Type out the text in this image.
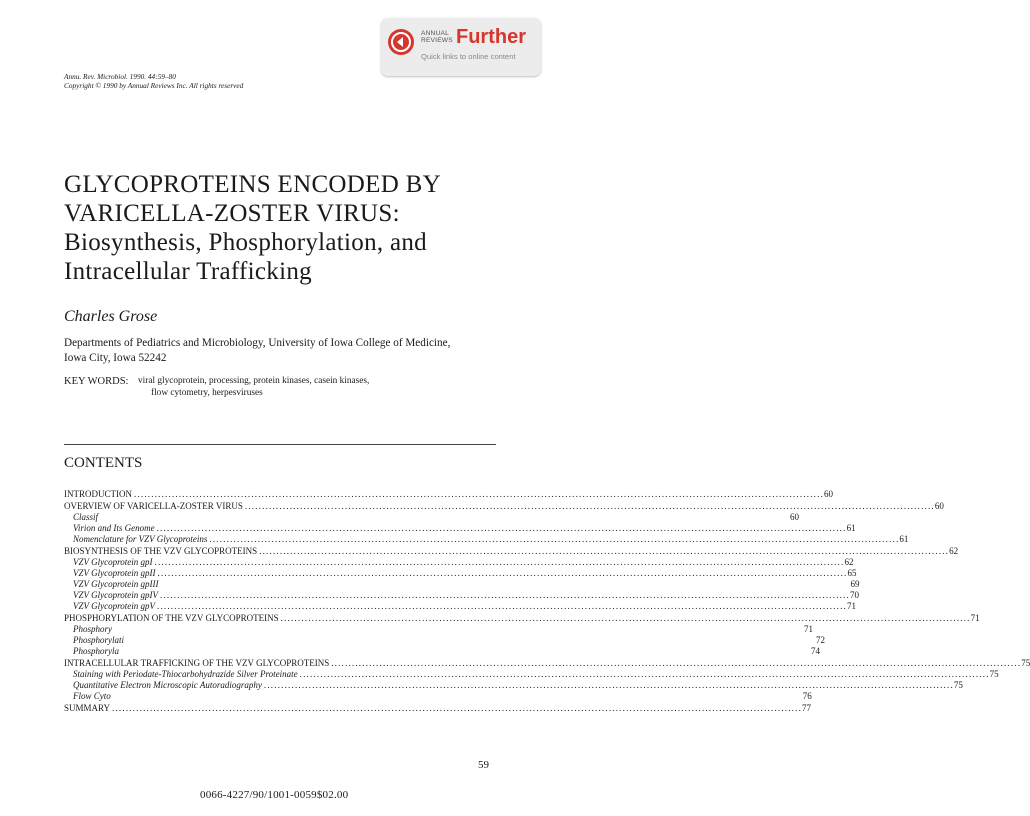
ANNUAL
REVIEWS Further
Quick links to online content
Annu. Rev. Microbiol. 1990. 44:59–80
Copyright © 1990 by Annual Reviews Inc. All rights reserved
GLYCOPROTEINS ENCODED BY
VARICELLA-ZOSTER VIRUS:
Biosynthesis, Phosphorylation, and
Intracellular Trafficking
Charles Grose
Departments of Pediatrics and Microbiology, University of Iowa College of Medicine,
Iowa City, Iowa 52242
KEY WORDS: viral glycoprotein, processing, protein kinases, casein kinases,
flow cytometry, herpesviruses
CONTENTS
INTRODUCTION ........................................................................................................................................................................................................ 60
OVERVIEW OF VARICELLA-ZOSTER VIRUS ........................................................................................................................................................................................................ 60
Classif	60
Virion and Its Genome ........................................................................................................................................................................................................ 61
Nomenclature for VZV Glycoproteins ........................................................................................................................................................................................................ 61
BIOSYNTHESIS OF THE VZV GLYCOPROTEINS ........................................................................................................................................................................................................ 62
VZV Glycoprotein gpI ........................................................................................................................................................................................................ 62
VZV Glycoprotein gpII ........................................................................................................................................................................................................ 65
VZV Glycoprotein gpIII	69
VZV Glycoprotein gpIV ........................................................................................................................................................................................................ 70
VZV Glycoprotein gpV ........................................................................................................................................................................................................ 71
PHOSPHORYLATION OF THE VZV GLYCOPROTEINS ........................................................................................................................................................................................................ 71
Phosphory	71
Phosphorylati	72
Phosphoryla	74
INTRACELLULAR TRAFFICKING OF THE VZV GLYCOPROTEINS ........................................................................................................................................................................................................ 75
Staining with Periodate-Thiocarbohydrazide Silver Proteinate ........................................................................................................................................................................................................ 75
Quantitative Electron Microscopic Autoradiography ........................................................................................................................................................................................................ 75
Flow Cyto	76
SUMMARY ........................................................................................................................................................................................................ 77
59
0066-4227/90/1001-0059$02.00
